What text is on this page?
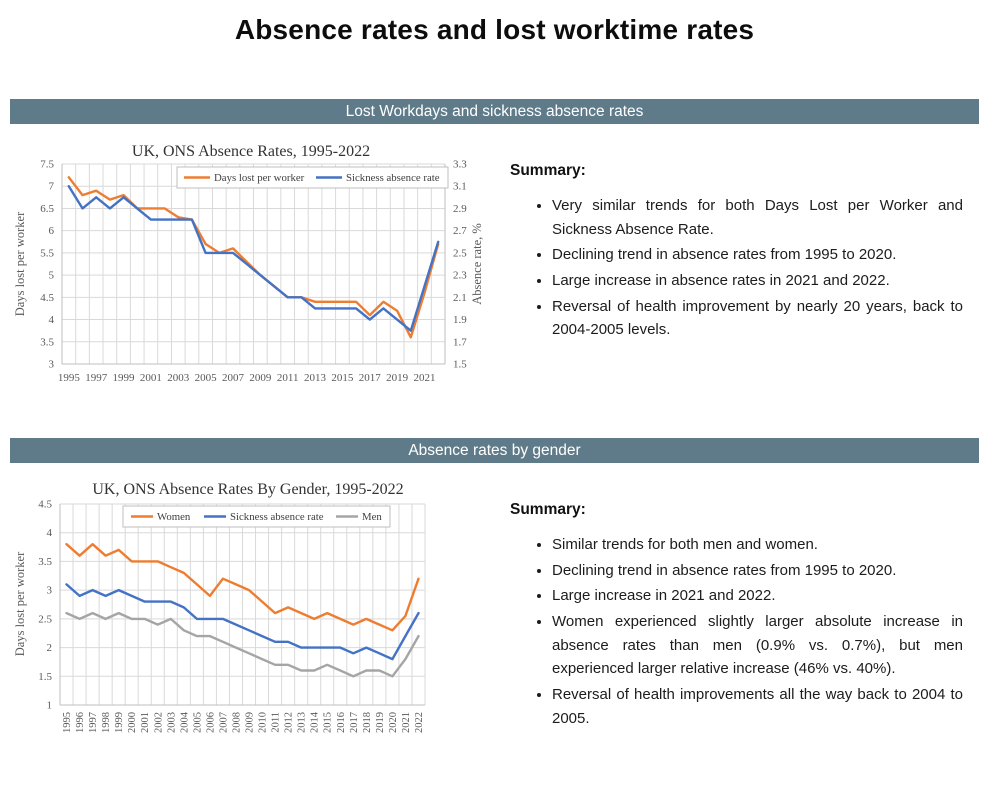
Absence rates and lost worktime rates
Lost Workdays and sickness absence rates
7.5
7
6.5
6
5.5
5
4.5
4
3.5
3
3.3
3.1
2.9
2.7
2.5
2.3
2.1
1.9
1.7
1.5
1995 1997 1999 2001 2003 2005 2007 2009 2011 2013 2015 2017 2019 2021
Days lost per worker	Sickness absence rate
UK, ONS Absence Rates, 1995-2022
Days lost per worker	Absence rate, %
Summary:
• Very similar trends for both Days Lost per Worker and Sickness Absence Rate.
• Declining trend in absence rates from 1995 to 2020.
• Large increase in absence rates in 2021 and 2022.
• Reversal of health improvement by nearly 20 years, back to 2004-2005 levels.
Absence rates by gender
4.5
4
3.5
3
2.5
2
1.5
1
1995 1996 1997 1998 1999 2000 2001 2002 2003 2004 2005 2006 2007 2008 2009 2010 2011 2012 2013 2014 2015 2016 2017 2018 2019 2020 2021 2022
Women	Sickness absence rate	Men
UK, ONS Absence Rates By Gender, 1995-2022
Days lost per worker
Summary:
• Similar trends for both men and women.
• Declining trend in absence rates from 1995 to 2020.
• Large increase in 2021 and 2022.
• Women experienced slightly larger absolute increase in absence rates than men (0.9% vs. 0.7%), but men experienced larger relative increase (46% vs. 40%).
• Reversal of health improvements all the way back to 2004 to 2005.
